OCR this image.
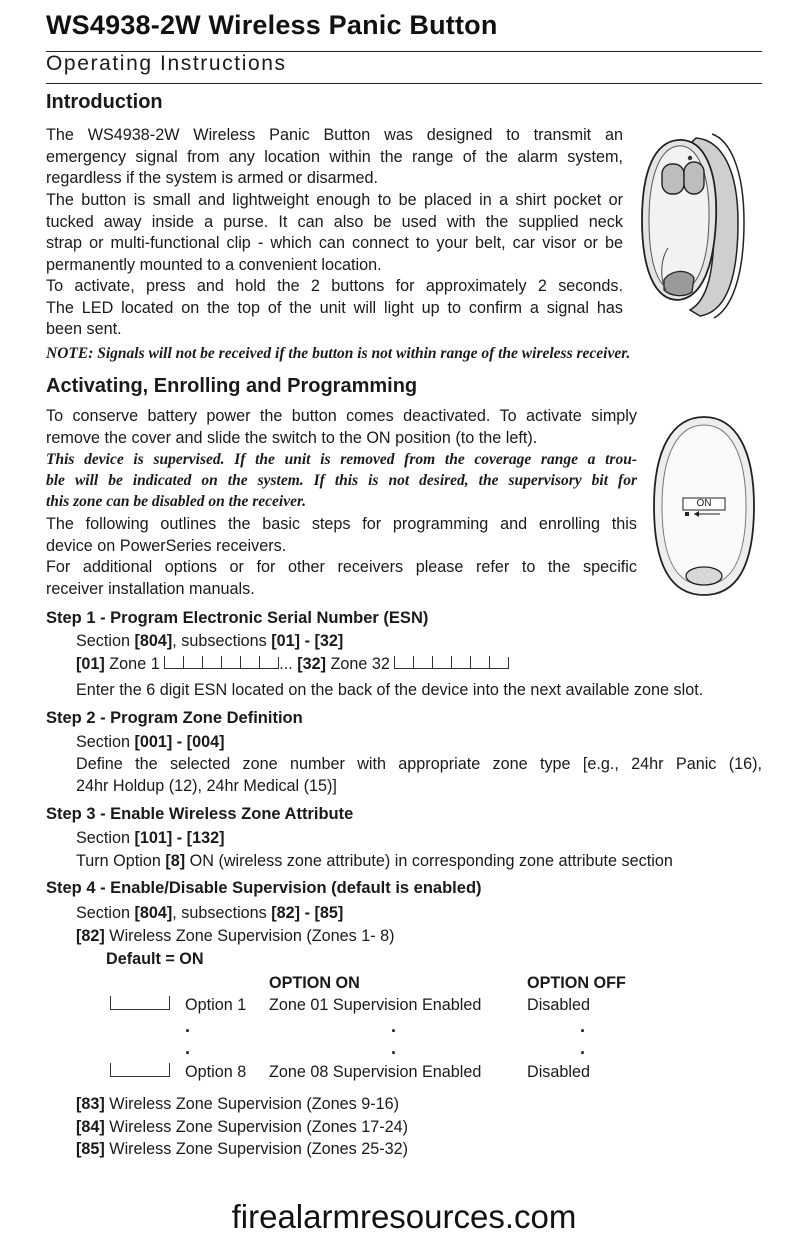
WS4938-2W Wireless Panic Button
Operating Instructions
Introduction
The WS4938-2W Wireless Panic Button was designed to transmit an
emergency signal from any location within the range of the alarm system,
regardless if the system is armed or disarmed.
The button is small and lightweight enough to be placed in a shirt pocket or
tucked away inside a purse. It can also be used with the supplied neck
strap or multi-functional clip - which can connect to your belt, car visor or be
permanently mounted to a convenient location.
To activate, press and hold the 2 buttons for approximately 2 seconds.
The LED located on the top of the unit will light up to confirm a signal has
been sent.
NOTE: Signals will not be received if the button is not within range of the wireless receiver.
Activating, Enrolling and Programming
To conserve battery power the button comes deactivated. To activate simply
remove the cover and slide the switch to the ON position (to the left).
This device is supervised. If the unit is removed from the coverage range a trou-
ble will be indicated on the system. If this is not desired, the supervisory bit for
this zone can be disabled on the receiver.
The following outlines the basic steps for programming and enrolling this
device on PowerSeries receivers.
For additional options or for other receivers please refer to the specific
receiver installation manuals.
ON
Step 1 - Program Electronic Serial Number (ESN)
Section [804], subsections [01] - [32]
[01] Zone 1	... [32] Zone 32
Enter the 6 digit ESN located on the back of the device into the next available zone slot.
Step 2 - Program Zone Definition
Section [001] - [004]
Define the selected zone number with appropriate zone type [e.g., 24hr Panic (16),
24hr Holdup (12), 24hr Medical (15)]
Step 3 - Enable Wireless Zone Attribute
Section [101] - [132]
Turn Option [8] ON (wireless zone attribute) in corresponding zone attribute section
Step 4 - Enable/Disable Supervision (default is enabled)
Section [804], subsections [82] - [85]
[82] Wireless Zone Supervision (Zones 1- 8)
Default = ON
OPTION ON	OPTION OFF
Option 1 Zone 01 Supervision Enabled	Disabled
.	.	.
.	.	.
Option 8 Zone 08 Supervision Enabled	Disabled
[83] Wireless Zone Supervision (Zones 9-16)
[84] Wireless Zone Supervision (Zones 17-24)
[85] Wireless Zone Supervision (Zones 25-32)
firealarmresources.com
